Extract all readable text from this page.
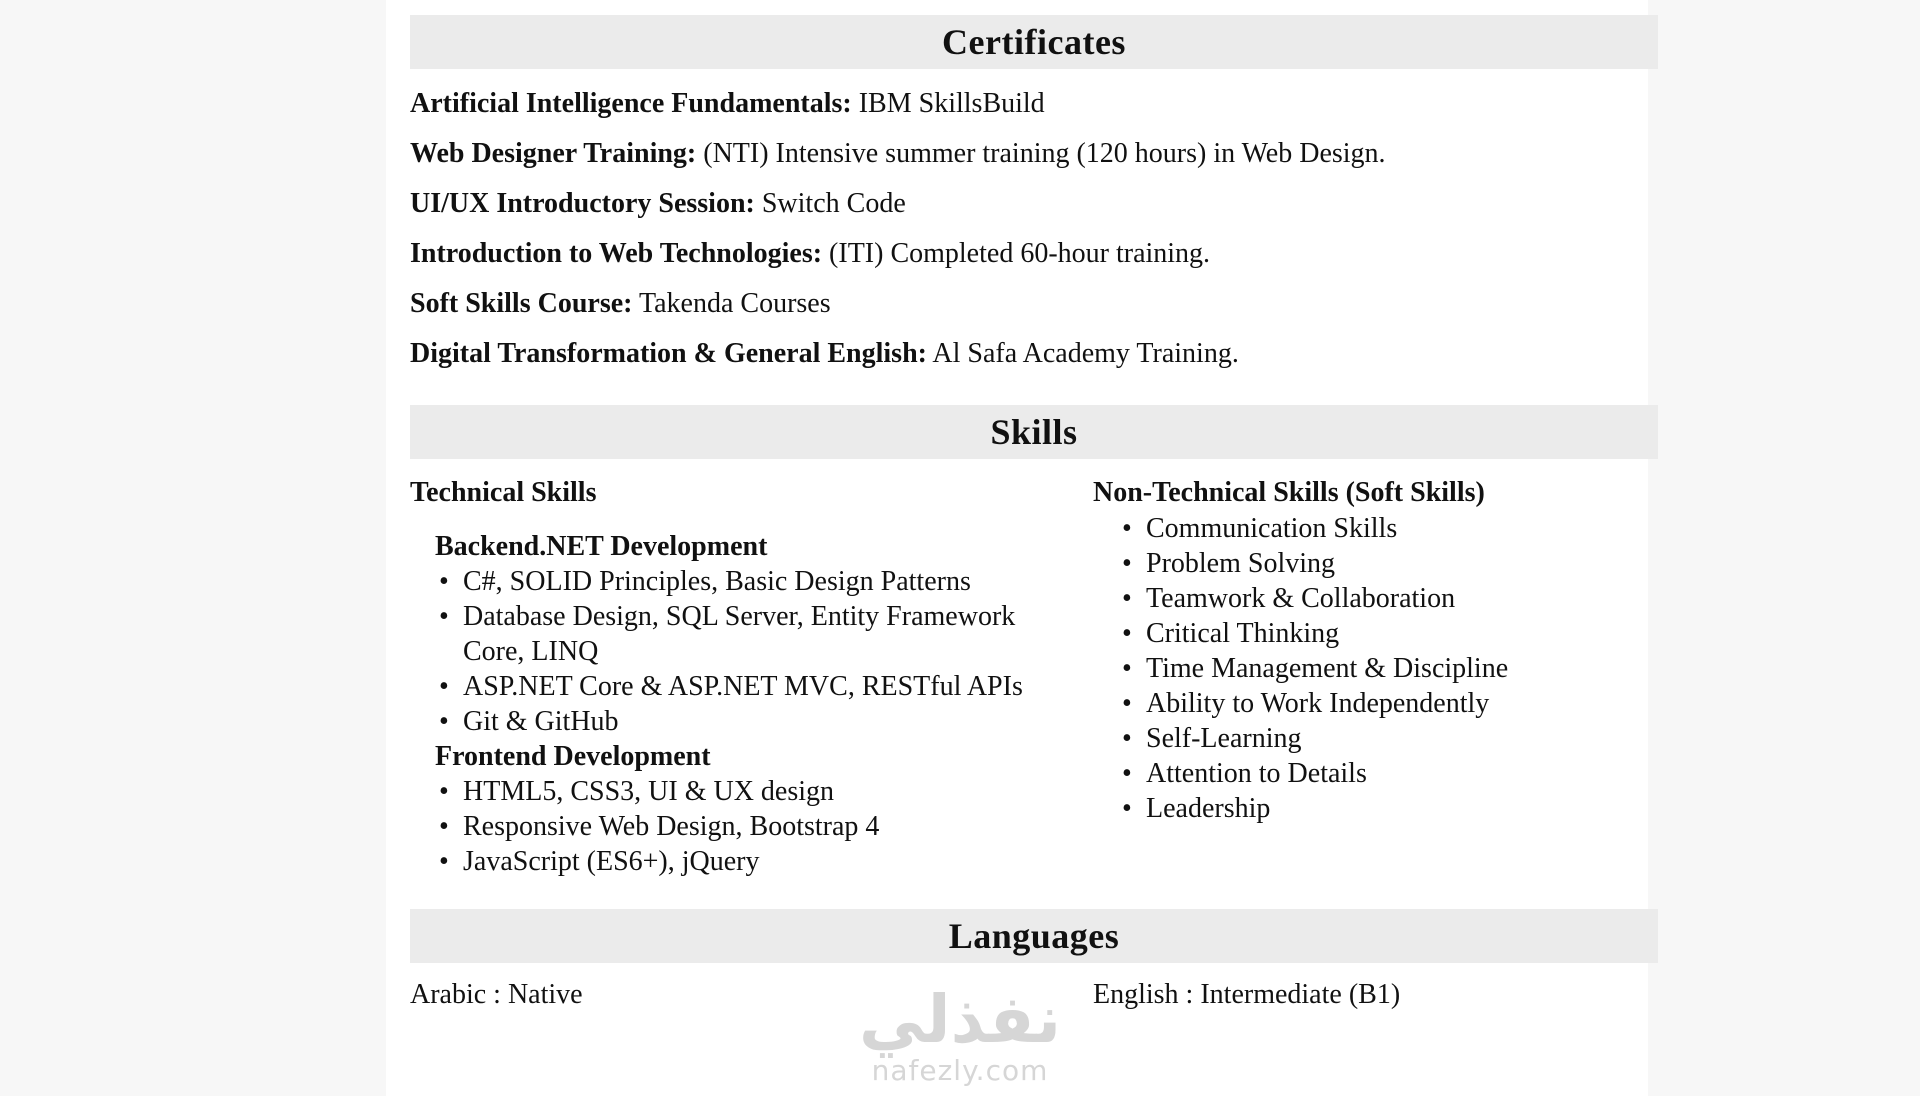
Certificates
Artificial Intelligence Fundamentals: IBM SkillsBuild
Web Designer Training: (NTI) Intensive summer training (120 hours) in Web Design.
UI/UX Introductory Session: Switch Code
Introduction to Web Technologies: (ITI) Completed 60-hour training.
Soft Skills Course: Takenda Courses
Digital Transformation & General English: Al Safa Academy Training.
Skills
Technical Skills
Backend.NET Development
• C#, SOLID Principles, Basic Design Patterns
• Database Design, SQL Server, Entity Framework Core, LINQ
• ASP.NET Core & ASP.NET MVC, RESTful APIs
• Git & GitHub
Frontend Development
• HTML5, CSS3, UI & UX design
• Responsive Web Design, Bootstrap 4
• JavaScript (ES6+), jQuery
Non-Technical Skills (Soft Skills)
• Communication Skills
• Problem Solving
• Teamwork & Collaboration
• Critical Thinking
• Time Management & Discipline
• Ability to Work Independently
• Self-Learning
• Attention to Details
• Leadership
Languages
Arabic : Native	English : Intermediate (B1)
نفذلي
nafezly.com
